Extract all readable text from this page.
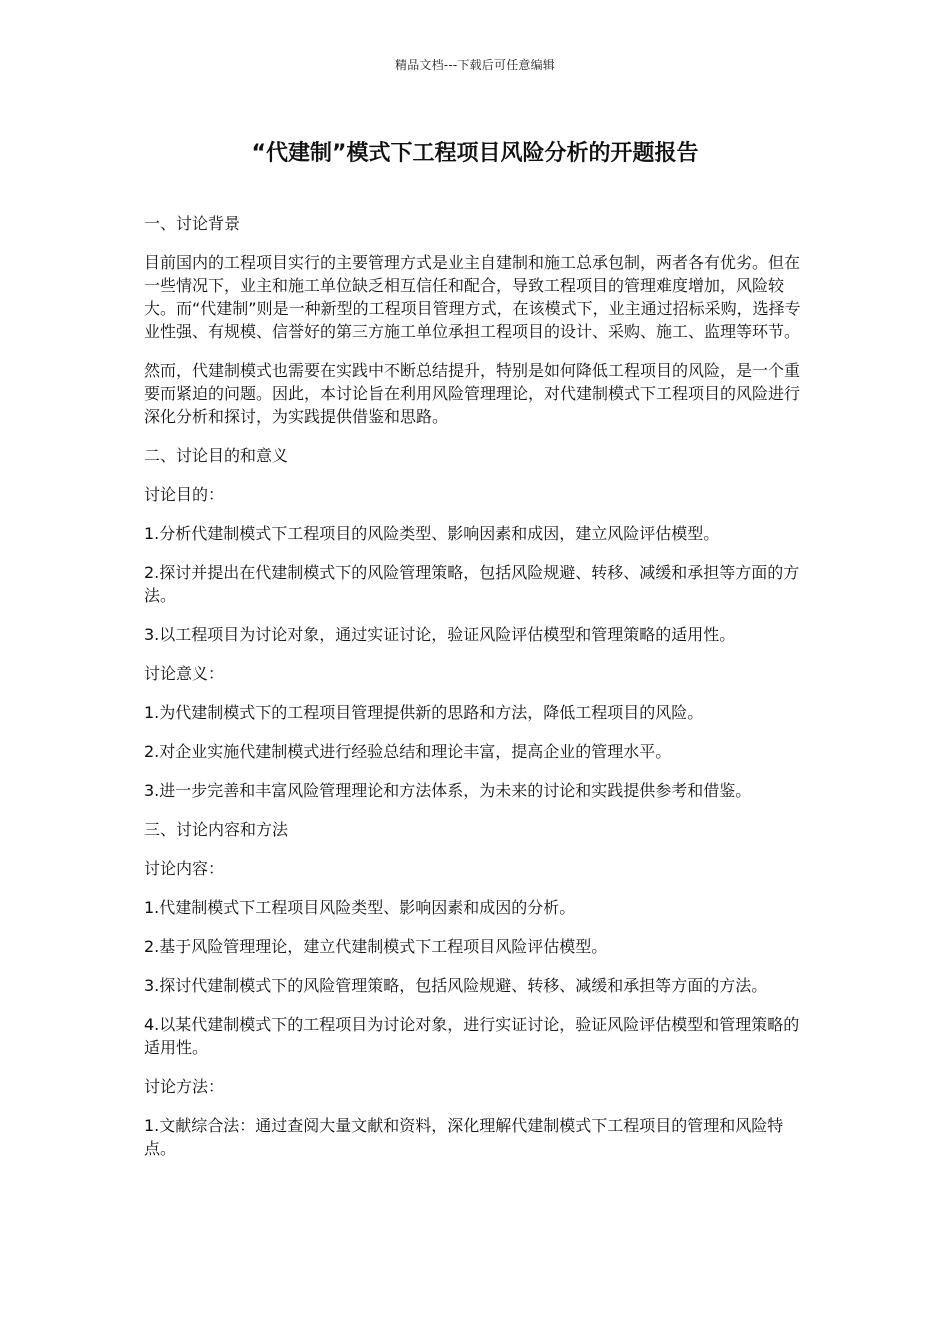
精品文档---下载后可任意编辑
“代建制”模式下工程项目风险分析的开题报告

一、讨论背景

目前国内的工程项目实行的主要管理方式是业主自建制和施工总承包制，两者各有优劣。但在一些情况下，业主和施工单位缺乏相互信任和配合，导致工程项目的管理难度增加，风险较大。而“代建制”则是一种新型的工程项目管理方式，在该模式下，业主通过招标采购，选择专业性强、有规模、信誉好的第三方施工单位承担工程项目的设计、采购、施工、监理等环节。

然而，代建制模式也需要在实践中不断总结提升，特别是如何降低工程项目的风险，是一个重要而紧迫的问题。因此，本讨论旨在利用风险管理理论，对代建制模式下工程项目的风险进行深化分析和探讨，为实践提供借鉴和思路。

二、讨论目的和意义

讨论目的：

1.分析代建制模式下工程项目的风险类型、影响因素和成因，建立风险评估模型。

2.探讨并提出在代建制模式下的风险管理策略，包括风险规避、转移、减缓和承担等方面的方法。

3.以工程项目为讨论对象，通过实证讨论，验证风险评估模型和管理策略的适用性。

讨论意义：

1.为代建制模式下的工程项目管理提供新的思路和方法，降低工程项目的风险。

2.对企业实施代建制模式进行经验总结和理论丰富，提高企业的管理水平。

3.进一步完善和丰富风险管理理论和方法体系，为未来的讨论和实践提供参考和借鉴。

三、讨论内容和方法

讨论内容：

1.代建制模式下工程项目风险类型、影响因素和成因的分析。

2.基于风险管理理论，建立代建制模式下工程项目风险评估模型。

3.探讨代建制模式下的风险管理策略，包括风险规避、转移、减缓和承担等方面的方法。

4.以某代建制模式下的工程项目为讨论对象，进行实证讨论，验证风险评估模型和管理策略的适用性。

讨论方法：

1.文献综合法：通过查阅大量文献和资料，深化理解代建制模式下工程项目的管理和风险特点。
